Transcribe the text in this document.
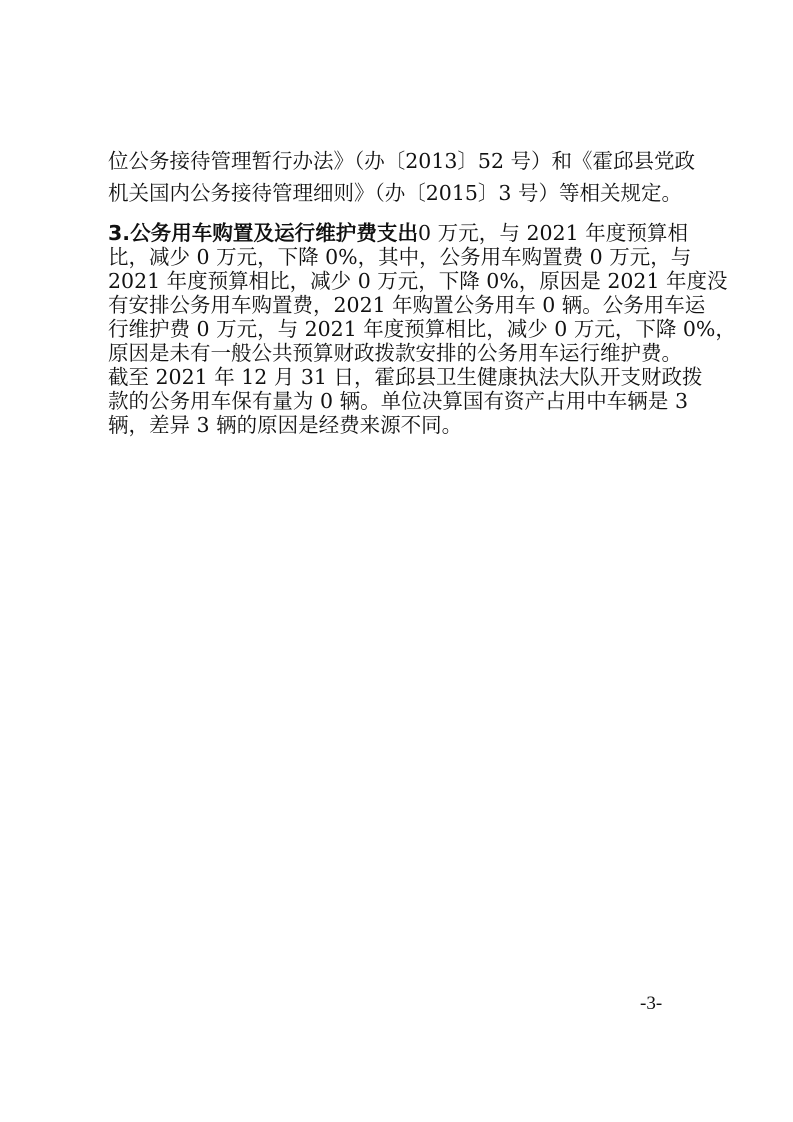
位公务接待管理暂行办法》（办〔2013〕52 号）和《霍邱县党政
机关国内公务接待管理细则》（办〔2015〕3 号）等相关规定。
3.公务用车购置及运行维护费支出0 万元，与 2021 年度预算相
比，减少 0 万元，下降 0%，其中，公务用车购置费 0 万元，与
2021 年度预算相比，减少 0 万元，下降 0%，原因是 2021 年度没
有安排公务用车购置费，2021 年购置公务用车 0 辆。公务用车运
行维护费 0 万元，与 2021 年度预算相比，减少 0 万元，下降 0%，
原因是未有一般公共预算财政拨款安排的公务用车运行维护费。
截至 2021 年 12 月 31 日，霍邱县卫生健康执法大队开支财政拨
款的公务用车保有量为 0 辆。单位决算国有资产占用中车辆是 3
辆，差异 3 辆的原因是经费来源不同。
-3-
